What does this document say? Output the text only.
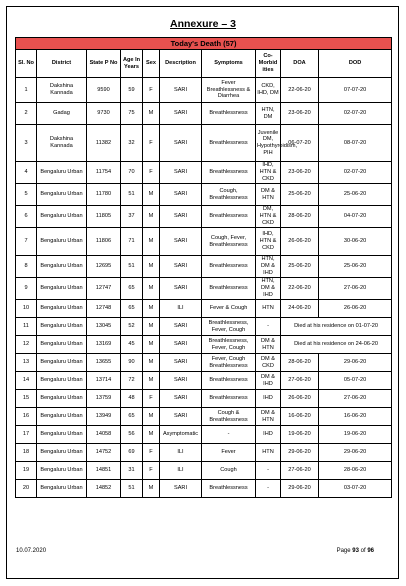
Annexure – 3
Today's Death (57)									
Sl. No	District	State P No	Age In Years	Sex	Description	Symptoms	Co-Morbid ities	DOA	DOD
1	Dakshina Kannada	9590	59	F	SARI	Fever Breathlessness & Diarrhea	CKD, IHD, DM	22-06-20	07-07-20
2	Gadag	9730	75	M	SARI	Breathlessness	HTN, DM	23-06-20	02-07-20
3	Dakshina Kannada	11382	32	F	SARI	Breathlessness	Juvenile DM, Hypothyroidism, PIH	06-07-20	08-07-20
4	Bengaluru Urban	11754	70	F	SARI	Breathlessness	IHD, HTN & CKD	23-06-20	02-07-20
5	Bengaluru Urban	11780	51	M	SARI	Cough, Breathlessness	DM & HTN	25-06-20	25-06-20
6	Bengaluru Urban	11805	37	M	SARI	Breathlessness	DM, HTN & CKD	28-06-20	04-07-20
7	Bengaluru Urban	11806	71	M	SARI	Cough, Fever, Breathlessness	IHD, HTN & CKD	26-06-20	30-06-20
8	Bengaluru Urban	12695	51	M	SARI	Breathlessness	HTN, DM & IHD	25-06-20	25-06-20
9	Bengaluru Urban	12747	65	M	SARI	Breathlessness	HTN, DM & IHD	22-06-20	27-06-20
10	Bengaluru Urban	12748	65	M	ILI	Fever & Cough	HTN	24-06-20	26-06-20
11	Bengaluru Urban	13045	52	M	SARI	Breathlessness, Fever, Cough	-	Died at his residence on 01-07-20	
12	Bengaluru Urban	13169	45	M	SARI	Breathlessness, Fever, Cough	DM & HTN	Died at his residence on 24-06-20	
13	Bengaluru Urban	13655	90	M	SARI	Fever, Cough Breathlessness	DM & CKD	28-06-20	29-06-20
14	Bengaluru Urban	13714	72	M	SARI	Breathlessness	DM & IHD	27-06-20	05-07-20
15	Bengaluru Urban	13759	48	F	SARI	Breathlessness	IHD	26-06-20	27-06-20
16	Bengaluru Urban	13949	65	M	SARI	Cough & Breathlessness	DM & HTN	16-06-20	16-06-20
17	Bengaluru Urban	14058	56	M	Asymptomatic	-	IHD	19-06-20	19-06-20
18	Bengaluru Urban	14752	69	F	ILI	Fever	HTN	29-06-20	29-06-20
19	Bengaluru Urban	14851	31	F	ILI	Cough	-	27-06-20	28-06-20
20	Bengaluru Urban	14852	51	M	SARI	Breathlessness	-	29-06-20	03-07-20
10.07.2020	Page 93 of 96
